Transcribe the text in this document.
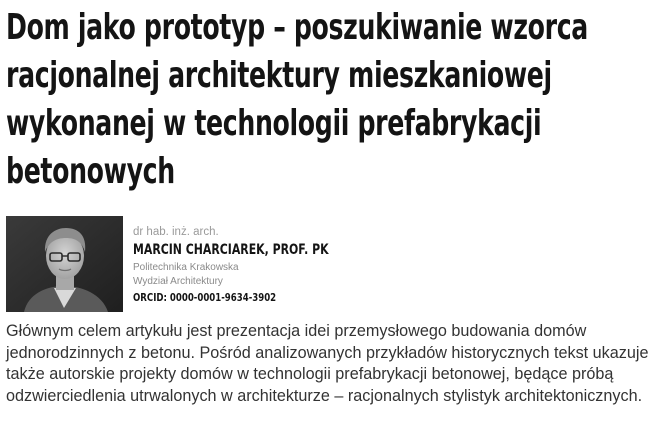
Dom jako prototyp – poszukiwanie wzorca racjonalnej architektury mieszkaniowej wykonanej w technologii prefabrykacji betonowych
dr hab. inż. arch.
MARCIN CHARCIAREK, PROF. PK
Politechnika Krakowska
Wydział Architektury
ORCID: 0000-0001-9634-3902

Głównym celem artykułu jest prezentacja idei przemysłowego budowania domów jednorodzinnych z betonu. Pośród analizowanych przykładów historycznych tekst ukazuje także autorskie projekty domów w technologii prefabrykacji betonowej, będące próbą odzwierciedlenia utrwalonych w architekturze – racjonalnych stylistyk architektonicznych.
